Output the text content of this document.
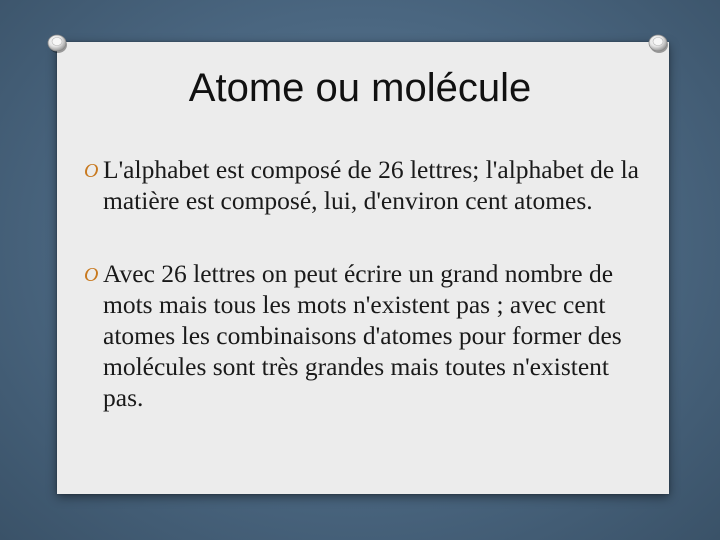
Atome ou molécule
O L'alphabet est composé de 26 lettres; l'alphabet de la matière est composé, lui, d'environ cent atomes.
O Avec 26 lettres on peut écrire un grand nombre de mots mais tous les mots n'existent pas ; avec cent atomes les combinaisons d'atomes pour former des molécules sont très grandes mais toutes n'existent pas.
